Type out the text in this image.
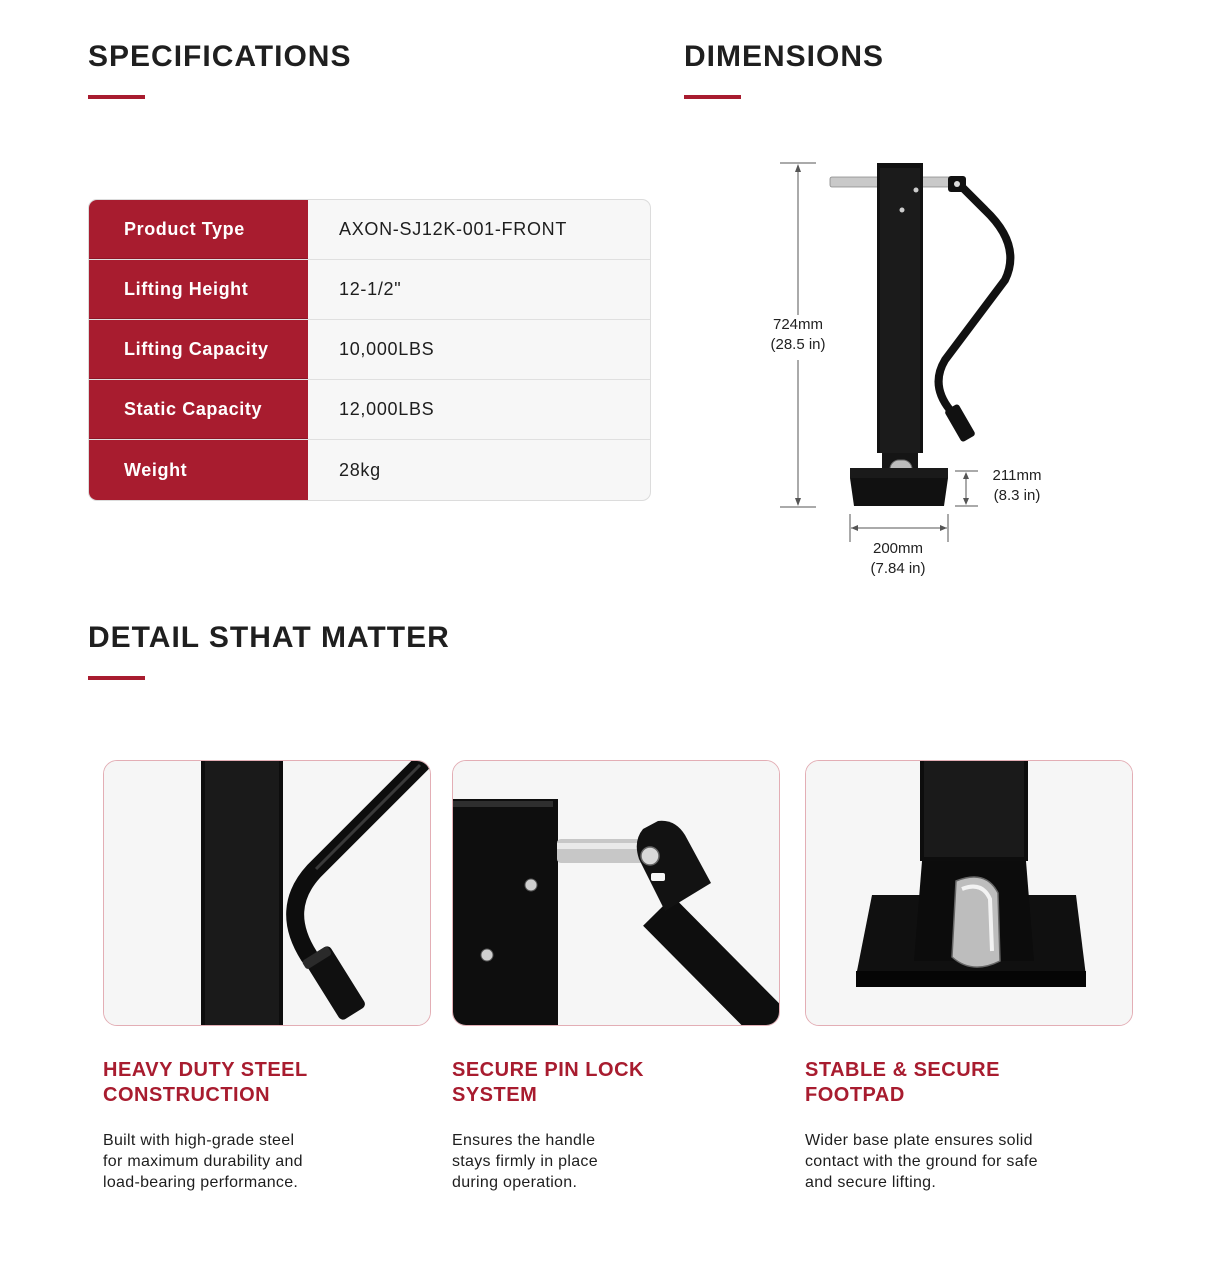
SPECIFICATIONS
Product Type	AXON-SJ12K-001-FRONT
Lifting Height	12-1/2"
Lifting Capacity	10,000LBS
Static Capacity	12,000LBS
Weight	28kg
DIMENSIONS
724mm
(28.5 in)
211mm
(8.3 in)
200mm
(7.84 in)
DETAIL STHAT MATTER
HEAVY DUTY STEEL
CONSTRUCTION
SECURE PIN LOCK
SYSTEM
STABLE & SECURE
FOOTPAD
Built with high-grade steel
for maximum durability and
load-bearing performance.
Ensures the handle
stays firmly in place
during operation.
Wider base plate ensures solid
contact with the ground for safe
and secure lifting.
